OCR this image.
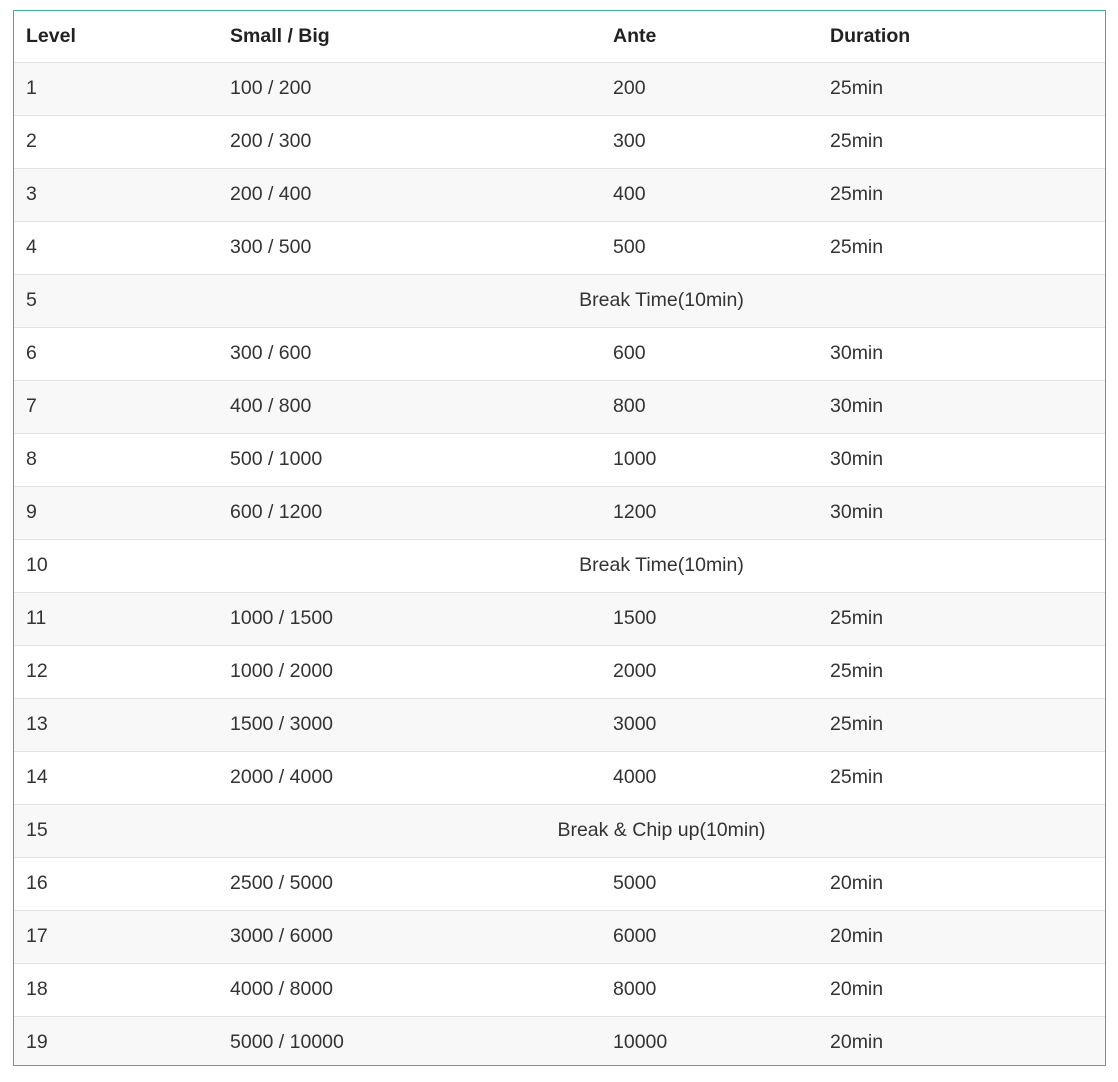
Level	Small / Big	Ante	Duration
1	100 / 200	200	25min
2	200 / 300	300	25min
3	200 / 400	400	25min
4	300 / 500	500	25min
5	Break Time(10min)		
6	300 / 600	600	30min
7	400 / 800	800	30min
8	500 / 1000	1000	30min
9	600 / 1200	1200	30min
10	Break Time(10min)		
11	1000 / 1500	1500	25min
12	1000 / 2000	2000	25min
13	1500 / 3000	3000	25min
14	2000 / 4000	4000	25min
15	Break & Chip up(10min)		
16	2500 / 5000	5000	20min
17	3000 / 6000	6000	20min
18	4000 / 8000	8000	20min
19	5000 / 10000	10000	20min
